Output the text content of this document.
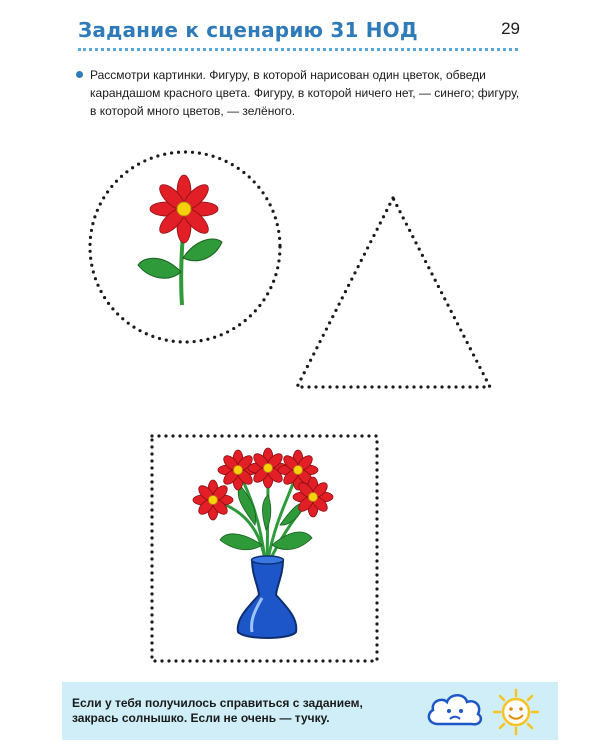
Задание к сценарию 31 НОД	29
Рассмотри картинки. Фигуру, в которой нарисован один цветок, обведи карандашом красного цвета. Фигуру, в которой ничего нет, — синего; фигуру, в которой много цветов, — зелёного.
Если у тебя получилось справиться с заданием, закрась солнышко. Если не очень — тучку.
